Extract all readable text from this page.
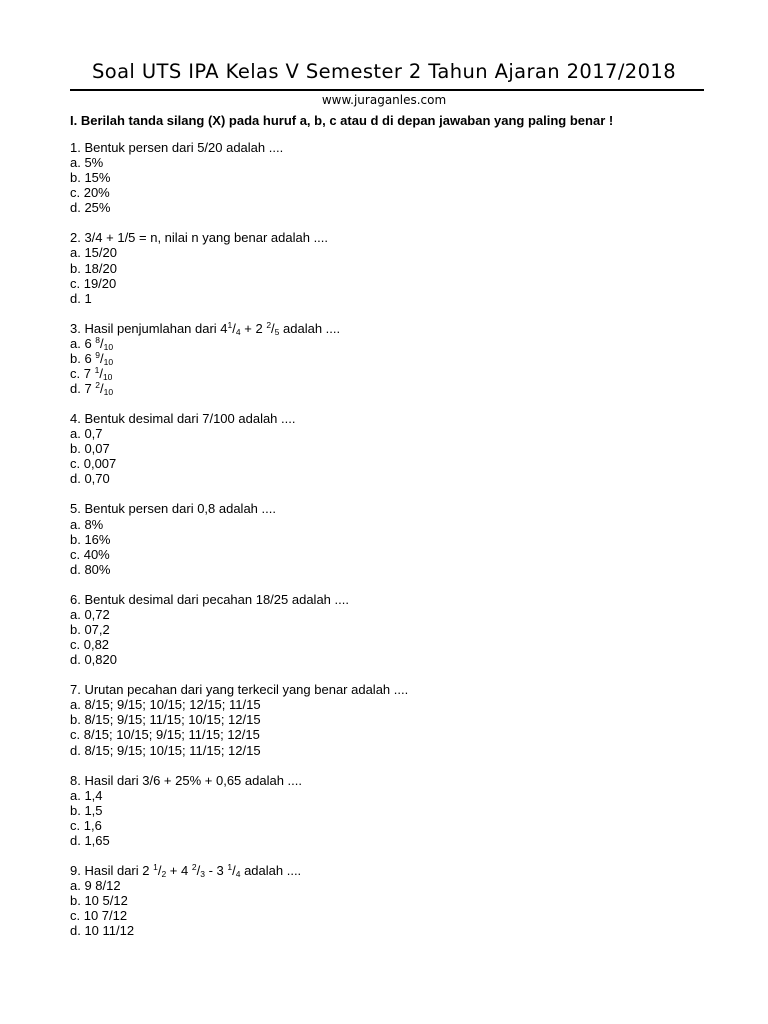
Soal UTS IPA Kelas V Semester 2 Tahun Ajaran 2017/2018
www.juraganles.com
I. Berilah tanda silang (X) pada huruf a, b, c atau d di depan jawaban yang paling benar !
1. Bentuk persen dari 5/20 adalah ....
a. 5%
b. 15%
c. 20%
d. 25%
2. 3/4 + 1/5 = n, nilai n yang benar adalah ....
a. 15/20
b. 18/20
c. 19/20
d. 1
3. Hasil penjumlahan dari $4^1/_4 + 2$ $^2/_5$ adalah ....
a. 6 $^8/_{10}$
b. 6 $^9/_{10}$
c. 7 $^1/_{10}$
d. 7 $^2/_{10}$
4. Bentuk desimal dari 7/100 adalah ....
a. 0,7
b. 0,07
c. 0,007
d. 0,70
5. Bentuk persen dari 0,8 adalah ....
a. 8%
b. 16%
c. 40%
d. 80%
6. Bentuk desimal dari pecahan 18/25 adalah ....
a. 0,72
b. 07,2
c. 0,82
d. 0,820
7. Urutan pecahan dari yang terkecil yang benar adalah ....
a. 8/15; 9/15; 10/15; 12/15; 11/15
b. 8/15; 9/15; 11/15; 10/15; 12/15
c. 8/15; 10/15; 9/15; 11/15; 12/15
d. 8/15; 9/15; 10/15; 11/15; 12/15
8. Hasil dari 3/6 + 25% + 0,65 adalah ....
a. 1,4
b. 1,5
c. 1,6
d. 1,65
9. Hasil dari 2 $^1/_2 + 4$ $^2/_3 - 3$ $^1/_4$ adalah ....
a. 9 8/12
b. 10 5/12
c. 10 7/12
d. 10 11/12
